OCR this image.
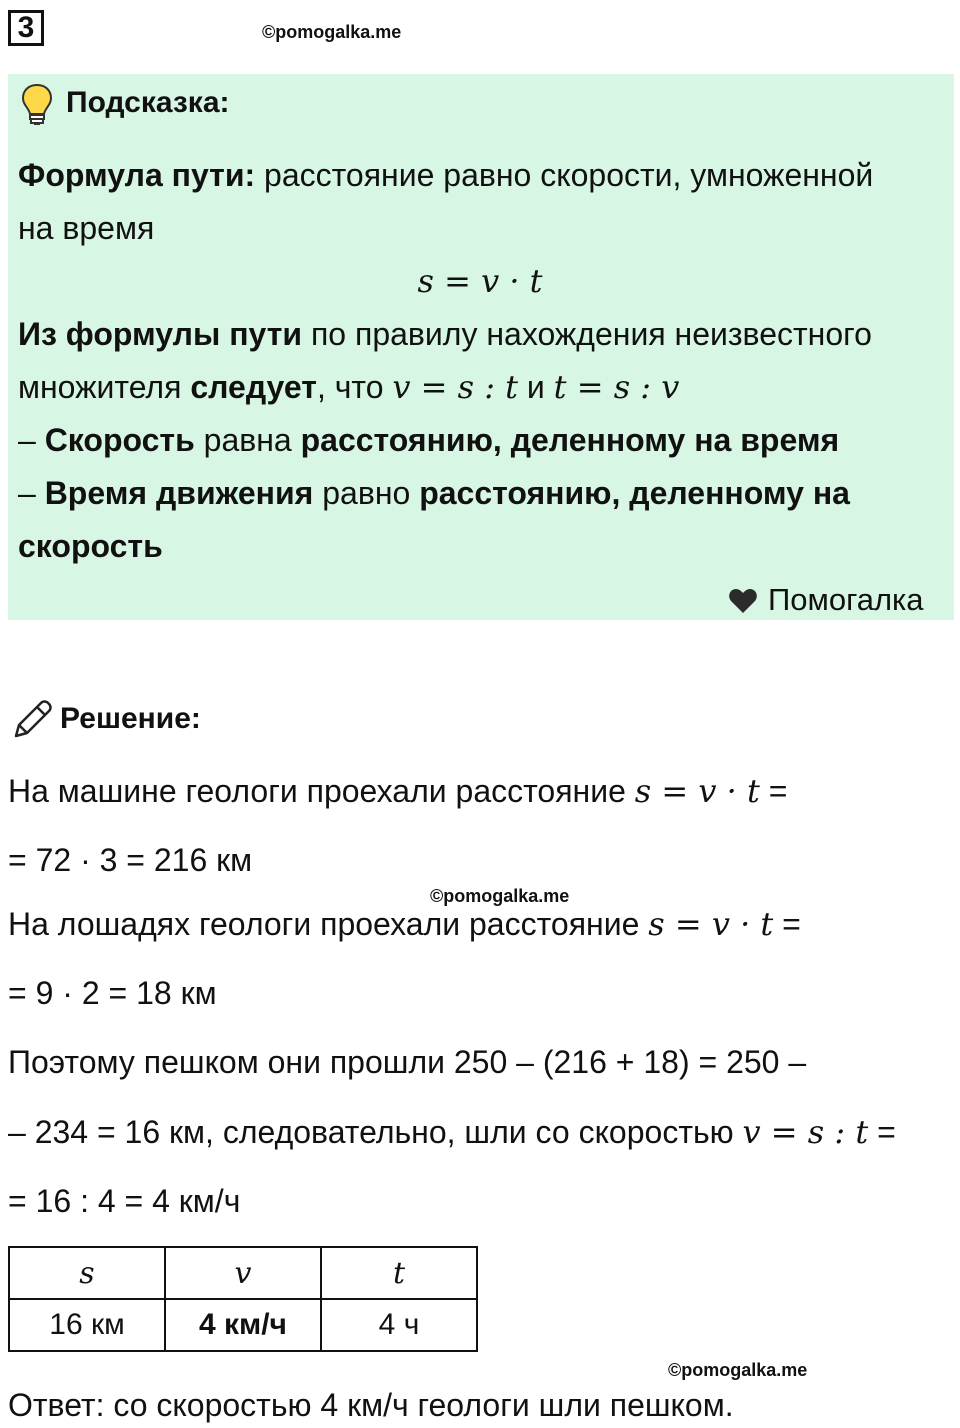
3	©pomogalka.me
Подсказка:
Формула пути: расстояние равно скорости, умноженной
на время
s = v · t
Из формулы пути по правилу нахождения неизвестного
множителя следует, что v = s : t и t = s : v
– Скорость равна расстоянию, деленному на время
– Время движения равно расстоянию, деленному на
скорость
Помогалка
Решение:
На машине геологи проехали расстояние s = v · t =
= 72 · 3 = 216 км
©pomogalka.me
На лошадях геологи проехали расстояние s = v · t =
= 9 · 2 = 18 км
Поэтому пешком они прошли 250 – (216 + 18) = 250 –
– 234 = 16 км, следовательно, шли со скоростью v = s : t =
= 16 : 4 = 4 км/ч
s	v	t
16 км	4 км/ч	4 ч
©pomogalka.me
Ответ: со скоростью 4 км/ч геологи шли пешком.
